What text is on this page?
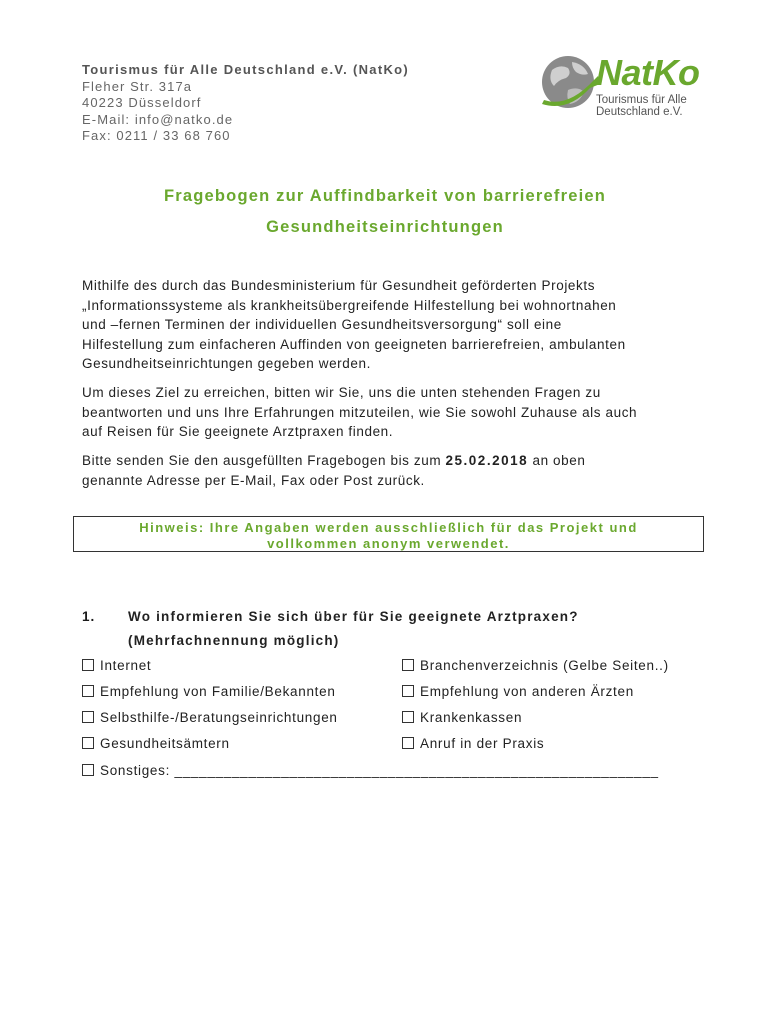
Tourismus für Alle Deutschland e.V. (NatKo)
Fleher Str. 317a
40223 Düsseldorf
E-Mail: info@natko.de
Fax: 0211 / 33 68 760
NatKo
Tourismus für Alle
Deutschland e.V.
Fragebogen zur Auffindbarkeit von barrierefreien
Gesundheitseinrichtungen
Mithilfe des durch das Bundesministerium für Gesundheit geförderten Projekts
„Informationssysteme als krankheitsübergreifende Hilfestellung bei wohnortnahen
und –fernen Terminen der individuellen Gesundheitsversorgung“ soll eine
Hilfestellung zum einfacheren Auffinden von geeigneten barrierefreien, ambulanten
Gesundheitseinrichtungen gegeben werden.
Um dieses Ziel zu erreichen, bitten wir Sie, uns die unten stehenden Fragen zu
beantworten und uns Ihre Erfahrungen mitzuteilen, wie Sie sowohl Zuhause als auch
auf Reisen für Sie geeignete Arztpraxen finden.
Bitte senden Sie den ausgefüllten Fragebogen bis zum 25.02.2018 an oben
genannte Adresse per E-Mail, Fax oder Post zurück.
Hinweis: Ihre Angaben werden ausschließlich für das Projekt und
vollkommen anonym verwendet.
1. Wo informieren Sie sich über für Sie geeignete Arztpraxen?
(Mehrfachnennung möglich)
Internet	Branchenverzeichnis (Gelbe Seiten..)
Empfehlung von Familie/Bekannten	Empfehlung von anderen Ärzten
Selbsthilfe-/Beratungseinrichtungen	Krankenkassen
Gesundheitsämtern	Anruf in der Praxis
Sonstiges: ___________________________________________________________
